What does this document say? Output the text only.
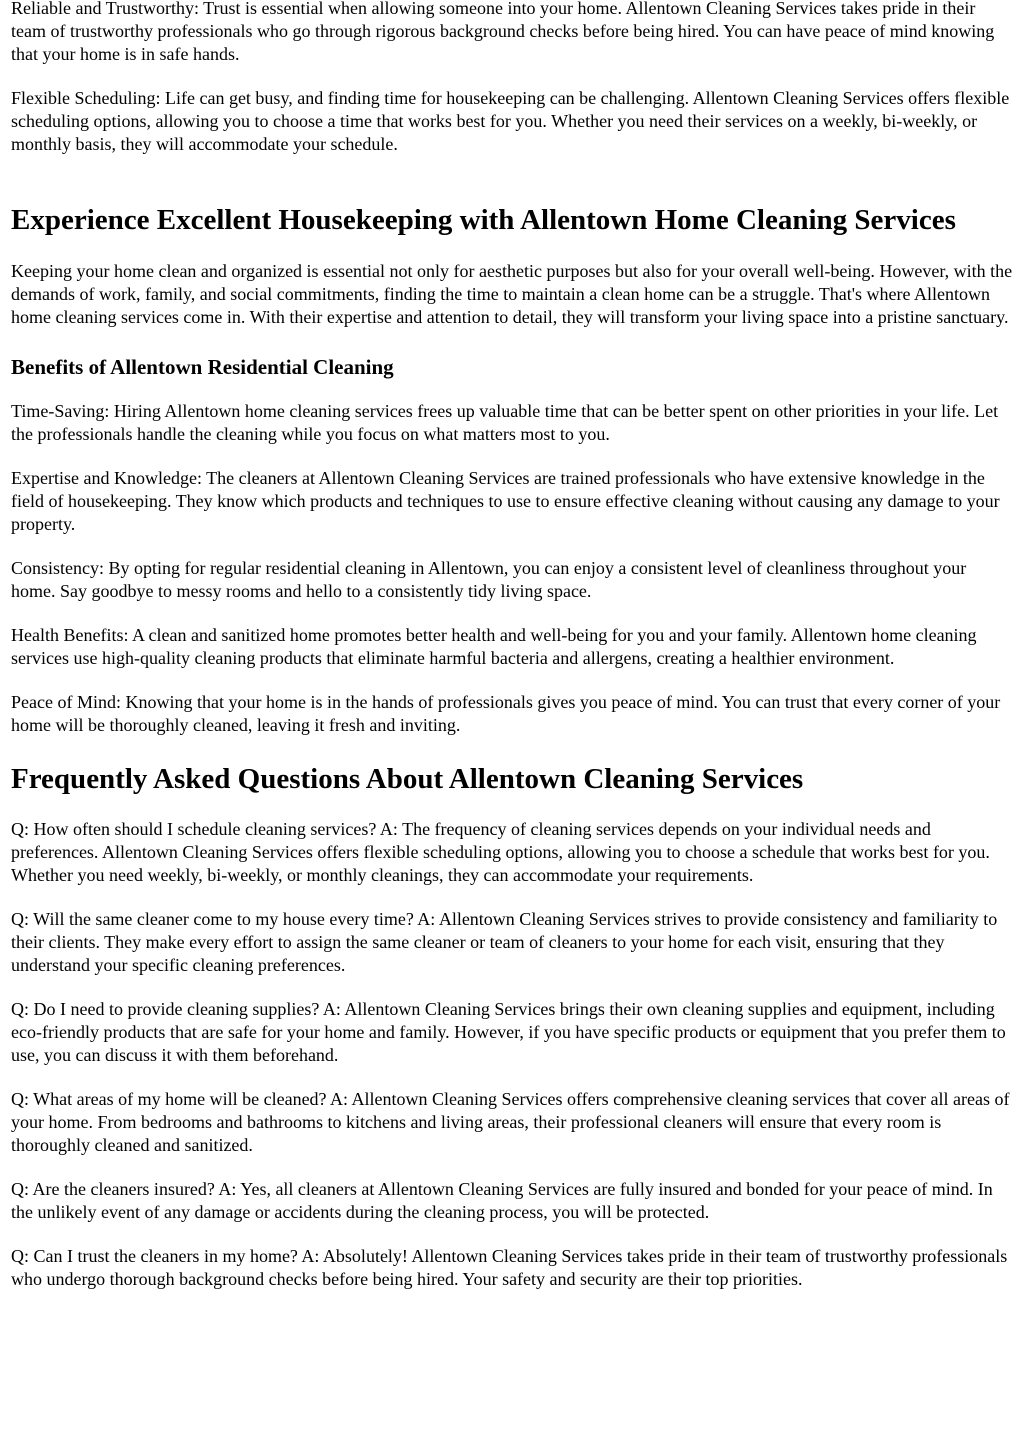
Reliable and Trustworthy: Trust is essential when allowing someone into your home. Allentown Cleaning Services takes pride in their team of trustworthy professionals who go through rigorous background checks before being hired. You can have peace of mind knowing that your home is in safe hands.

Flexible Scheduling: Life can get busy, and finding time for housekeeping can be challenging. Allentown Cleaning Services offers flexible scheduling options, allowing you to choose a time that works best for you. Whether you need their services on a weekly, bi-weekly, or monthly basis, they will accommodate your schedule.

Experience Excellent Housekeeping with Allentown Home Cleaning Services

Keeping your home clean and organized is essential not only for aesthetic purposes but also for your overall well-being. However, with the demands of work, family, and social commitments, finding the time to maintain a clean home can be a struggle. That's where Allentown home cleaning services come in. With their expertise and attention to detail, they will transform your living space into a pristine sanctuary.

Benefits of Allentown Residential Cleaning

Time-Saving: Hiring Allentown home cleaning services frees up valuable time that can be better spent on other priorities in your life. Let the professionals handle the cleaning while you focus on what matters most to you.

Expertise and Knowledge: The cleaners at Allentown Cleaning Services are trained professionals who have extensive knowledge in the field of housekeeping. They know which products and techniques to use to ensure effective cleaning without causing any damage to your property.

Consistency: By opting for regular residential cleaning in Allentown, you can enjoy a consistent level of cleanliness throughout your home. Say goodbye to messy rooms and hello to a consistently tidy living space.

Health Benefits: A clean and sanitized home promotes better health and well-being for you and your family. Allentown home cleaning services use high-quality cleaning products that eliminate harmful bacteria and allergens, creating a healthier environment.

Peace of Mind: Knowing that your home is in the hands of professionals gives you peace of mind. You can trust that every corner of your home will be thoroughly cleaned, leaving it fresh and inviting.

Frequently Asked Questions About Allentown Cleaning Services

Q: How often should I schedule cleaning services? A: The frequency of cleaning services depends on your individual needs and preferences. Allentown Cleaning Services offers flexible scheduling options, allowing you to choose a schedule that works best for you. Whether you need weekly, bi-weekly, or monthly cleanings, they can accommodate your requirements.

Q: Will the same cleaner come to my house every time? A: Allentown Cleaning Services strives to provide consistency and familiarity to their clients. They make every effort to assign the same cleaner or team of cleaners to your home for each visit, ensuring that they understand your specific cleaning preferences.

Q: Do I need to provide cleaning supplies? A: Allentown Cleaning Services brings their own cleaning supplies and equipment, including eco-friendly products that are safe for your home and family. However, if you have specific products or equipment that you prefer them to use, you can discuss it with them beforehand.

Q: What areas of my home will be cleaned? A: Allentown Cleaning Services offers comprehensive cleaning services that cover all areas of your home. From bedrooms and bathrooms to kitchens and living areas, their professional cleaners will ensure that every room is thoroughly cleaned and sanitized.

Q: Are the cleaners insured? A: Yes, all cleaners at Allentown Cleaning Services are fully insured and bonded for your peace of mind. In the unlikely event of any damage or accidents during the cleaning process, you will be protected.

Q: Can I trust the cleaners in my home? A: Absolutely! Allentown Cleaning Services takes pride in their team of trustworthy professionals who undergo thorough background checks before being hired. Your safety and security are their top priorities.
